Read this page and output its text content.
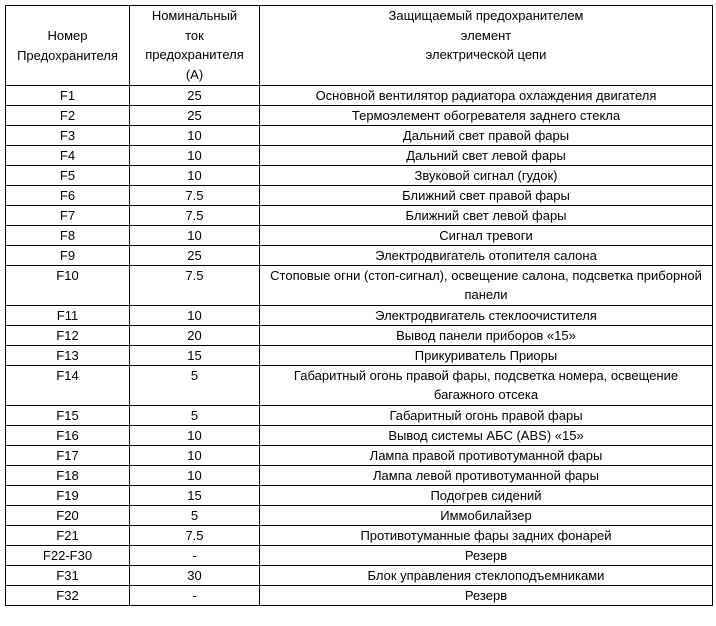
Номер
Предохранителя	Номинальный
ток
предохранителя
(А)	Защищаемый предохранителем
элемент
электрической цепи

F1	25	Основной вентилятор радиатора охлаждения двигателя
F2	25	Термоэлемент обогревателя заднего стекла
F3	10	Дальний свет правой фары
F4	10	Дальний свет левой фары
F5	10	Звуковой сигнал (гудок)
F6	7.5	Ближний свет правой фары
F7	7.5	Ближний свет левой фары
F8	10	Сигнал тревоги
F9	25	Электродвигатель отопителя салона
F10	7.5	Стоповые огни (стоп-сигнал), освещение салона, подсветка приборной панели
F11	10	Электродвигатель стеклоочистителя
F12	20	Вывод панели приборов «15»
F13	15	Прикуриватель Приоры
F14	5	Габаритный огонь правой фары, подсветка номера, освещение багажного отсека
F15	5	Габаритный огонь правой фары
F16	10	Вывод системы АБС (ABS) «15»
F17	10	Лампа правой противотуманной фары
F18	10	Лампа левой противотуманной фары
F19	15	Подогрев сидений
F20	5	Иммобилайзер
F21	7.5	Противотуманные фары задних фонарей
F22-F30	-	Резерв
F31	30	Блок управления стеклоподъемниками
F32	-	Резерв
